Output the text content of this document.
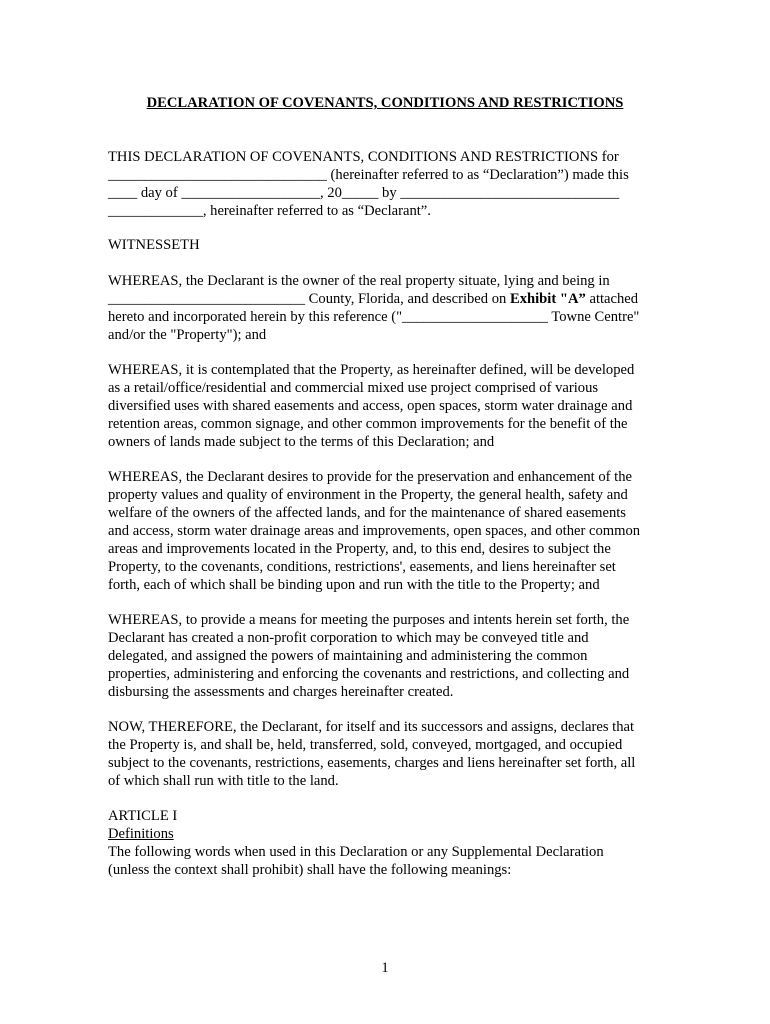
DECLARATION OF COVENANTS, CONDITIONS AND RESTRICTIONS
THIS DECLARATION OF COVENANTS, CONDITIONS AND RESTRICTIONS for
______________________________ (hereinafter referred to as “Declaration”) made this
____ day of ___________________, 20_____ by ______________________________
_____________, hereinafter referred to as “Declarant”.
WITNESSETH
WHEREAS, the Declarant is the owner of the real property situate, lying and being in
___________________________ County, Florida, and described on Exhibit "A” attached
hereto and incorporated herein by this reference ("____________________ Towne Centre"
and/or the "Property"); and
WHEREAS, it is contemplated that the Property, as hereinafter defined, will be developed
as a retail/office/residential and commercial mixed use project comprised of various
diversified uses with shared easements and access, open spaces, storm water drainage and
retention areas, common signage, and other common improvements for the benefit of the
owners of lands made subject to the terms of this Declaration; and
WHEREAS, the Declarant desires to provide for the preservation and enhancement of the
property values and quality of environment in the Property, the general health, safety and
welfare of the owners of the affected lands, and for the maintenance of shared easements
and access, storm water drainage areas and improvements, open spaces, and other common
areas and improvements located in the Property, and, to this end, desires to subject the
Property, to the covenants, conditions, restrictions', easements, and liens hereinafter set
forth, each of which shall be binding upon and run with the title to the Property; and
WHEREAS, to provide a means for meeting the purposes and intents herein set forth, the
Declarant has created a non-profit corporation to which may be conveyed title and
delegated, and assigned the powers of maintaining and administering the common
properties, administering and enforcing the covenants and restrictions, and collecting and
disbursing the assessments and charges hereinafter created.
NOW, THEREFORE, the Declarant, for itself and its successors and assigns, declares that
the Property is, and shall be, held, transferred, sold, conveyed, mortgaged, and occupied
subject to the covenants, restrictions, easements, charges and liens hereinafter set forth, all
of which shall run with title to the land.
ARTICLE I
Definitions
The following words when used in this Declaration or any Supplemental Declaration
(unless the context shall prohibit) shall have the following meanings:
1
